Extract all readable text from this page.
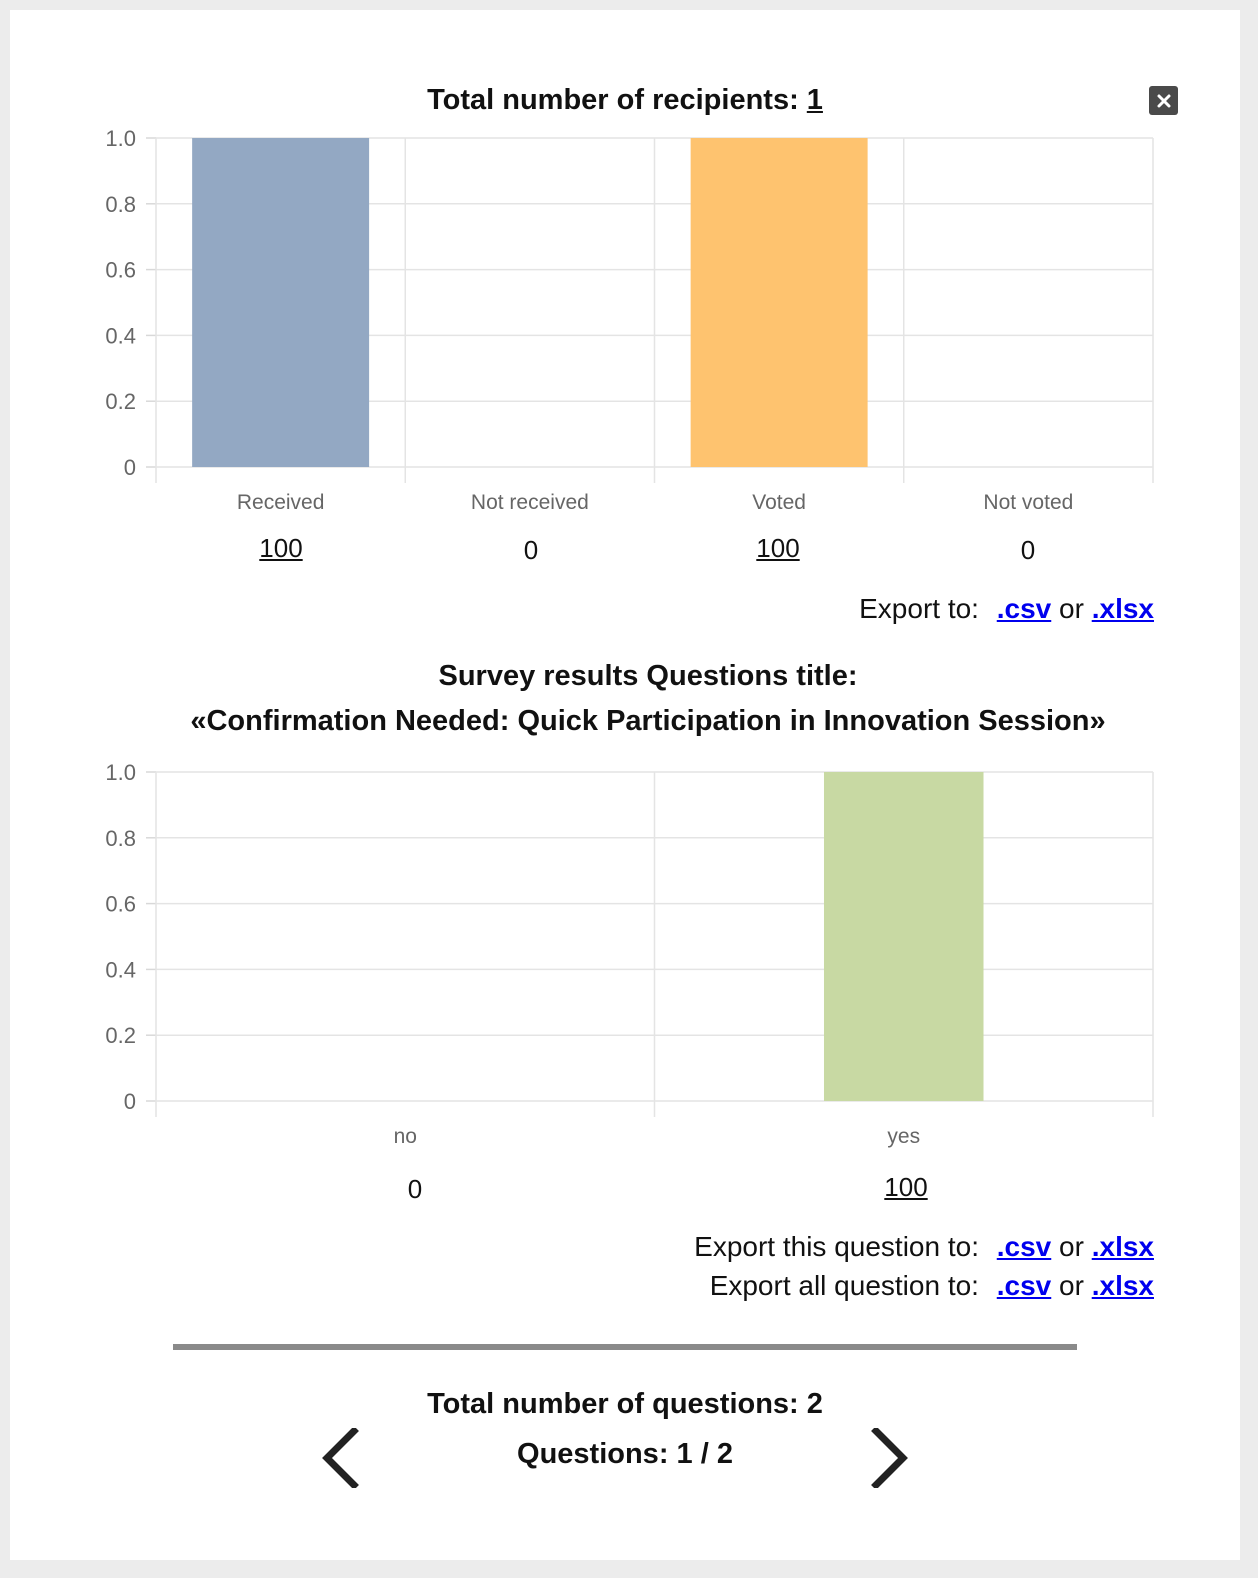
Total number of recipients: 1
0
0.2
0.4
0.6
0.8
1.0
Received	Not received	Voted	Not voted
100	0	100	0
Export to: .csv or .xlsx
Survey results Questions title:
«Confirmation Needed: Quick Participation in Innovation Session»
0
0.2
0.4
0.6
0.8
1.0
no	yes
0	100
Export this question to: .csv or .xlsx
Export all question to: .csv or .xlsx
Total number of questions: 2
Questions: 1 / 2
